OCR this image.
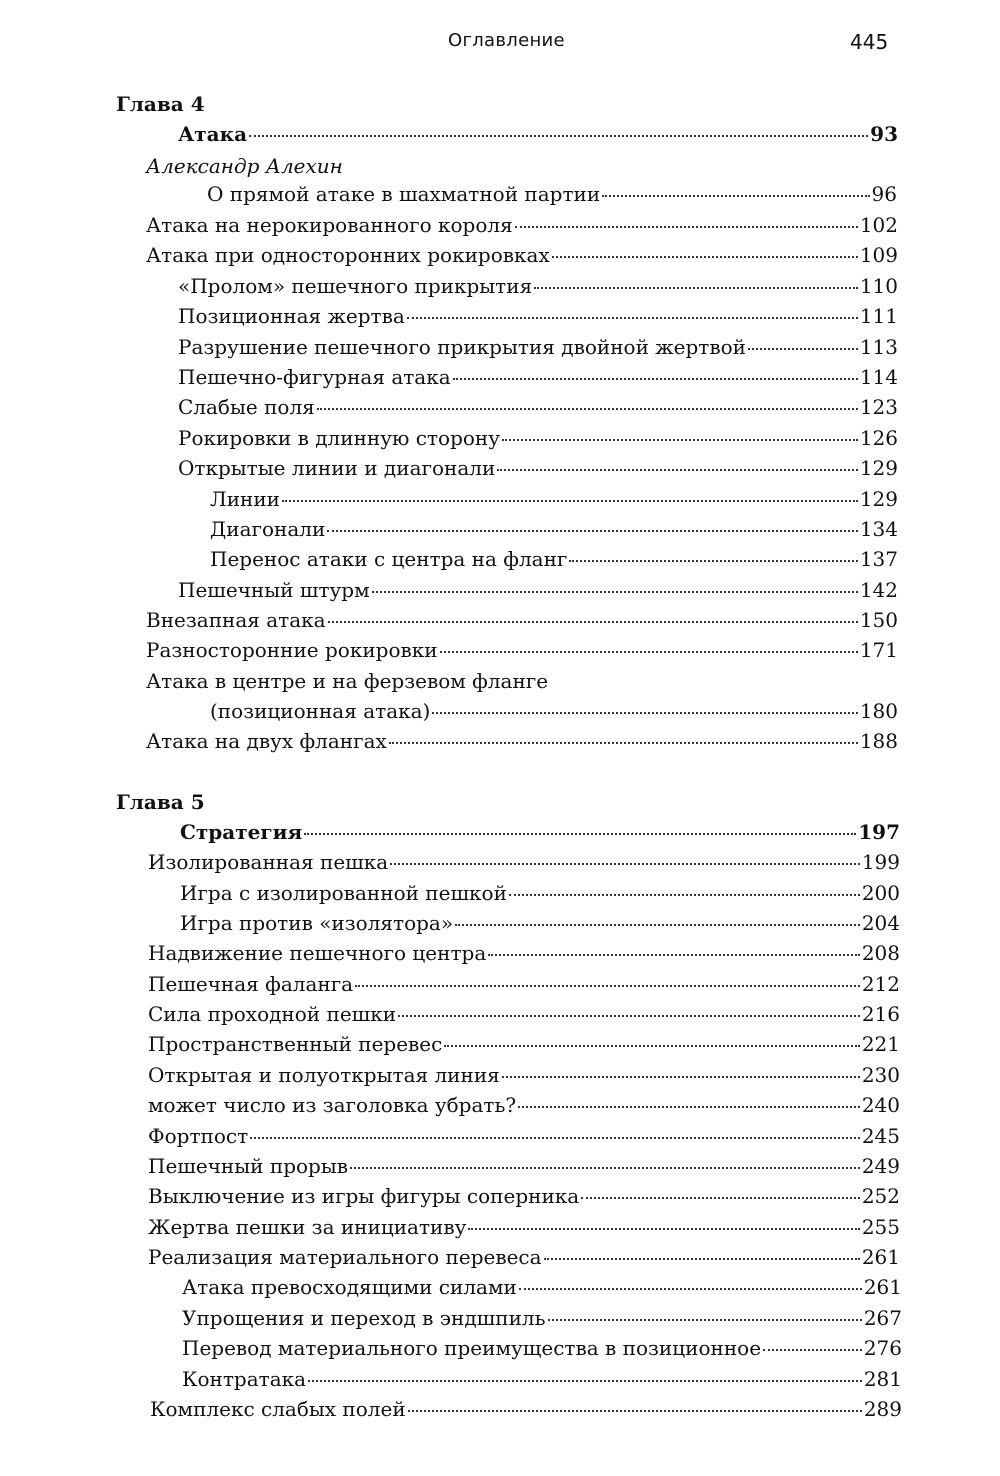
Оглавление	445
Глава 4
Атака	93
Александр Алехин
О прямой атаке в шахматной партии	96
Атака на нерокированного короля	102
Атака при односторонних рокировках	109
«Пролом» пешечного прикрытия	110
Позиционная жертва	111
Разрушение пешечного прикрытия двойной жертвой	113
Пешечно-фигурная атака	114
Слабые поля	123
Рокировки в длинную сторону	126
Открытые линии и диагонали	129
Линии	129
Диагонали	134
Перенос атаки с центра на фланг	137
Пешечный штурм	142
Внезапная атака	150
Разносторонние рокировки	171
Атака в центре и на ферзевом фланге
(позиционная атака)	180
Атака на двух флангах	188
Глава 5
Стратегия	197
Изолированная пешка	199
Игра с изолированной пешкой	200
Игра против «изолятора»	204
Надвижение пешечного центра	208
Пешечная фаланга	212
Сила проходной пешки	216
Пространственный перевес	221
Открытая и полуоткрытая линия	230
может число из заголовка убрать?	240
Фортпост	245
Пешечный прорыв	249
Выключение из игры фигуры соперника	252
Жертва пешки за инициативу	255
Реализация материального перевеса	261
Атака превосходящими силами	261
Упрощения и переход в эндшпиль	267
Перевод материального преимущества в позиционное	276
Контратака	281
Комплекс слабых полей	289
